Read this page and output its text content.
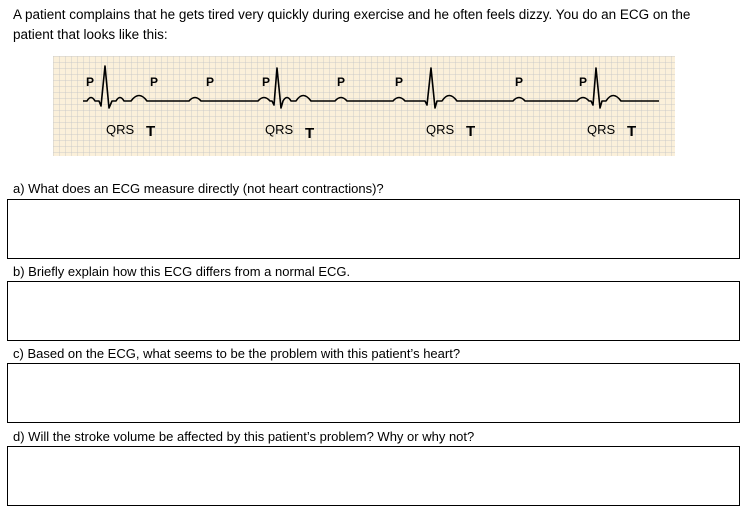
A patient complains that he gets tired very quickly during exercise and he often feels dizzy. You do an ECG on the patient that looks like this:
P	P	P	P	P	P	P	P
QRS T	QRS T	QRS T	QRS T
a) What does an ECG measure directly (not heart contractions)?
b) Briefly explain how this ECG differs from a normal ECG.
c) Based on the ECG, what seems to be the problem with this patient’s heart?
d) Will the stroke volume be affected by this patient’s problem? Why or why not?
